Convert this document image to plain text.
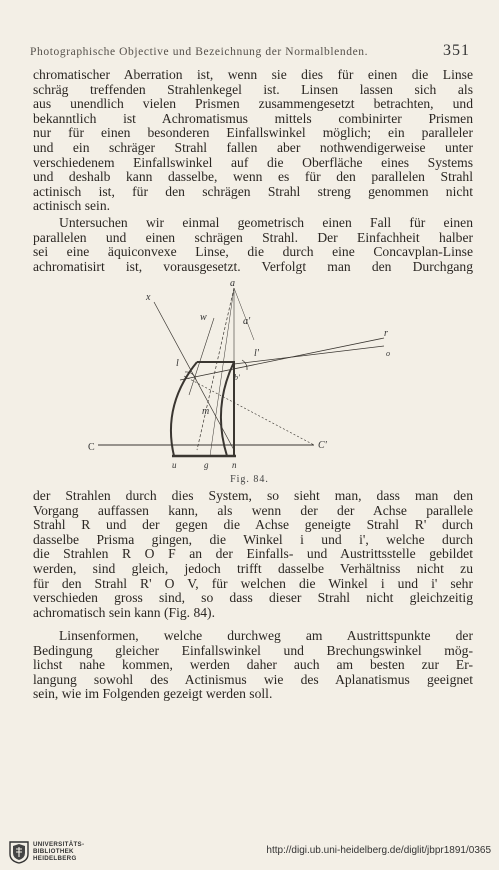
Photographische Objective und Bezeichnung der Normalblenden.	351
chromatischer Aberration ist, wenn sie dies für einen die Linse
schräg treffenden Strahlenkegel ist. Linsen lassen sich als
aus unendlich vielen Prismen zusammengesetzt betrachten, und
bekanntlich ist Achromatismus mittels combinirter Prismen
nur für einen besonderen Einfallswinkel möglich; ein paralleler
und ein schräger Strahl fallen aber nothwendigerweise unter
verschiedenem Einfallswinkel auf die Oberfläche eines Systems
und deshalb kann dasselbe, wenn es für den parallelen Strahl
actinisch ist, für den schrägen Strahl streng genommen nicht
actinisch sein.
Untersuchen wir einmal geometrisch einen Fall für einen
parallelen und einen schrägen Strahl. Der Einfachheit halber
sei eine äquiconvexe Linse, die durch eine Concavplan-Linse
achromatisirt ist, vorausgesetzt. Verfolgt man den Durchgang
x
a
w	a'
r
o
l
l'
b'
m
C	C'
u	g	n
Fig. 84.
der Strahlen durch dies System, so sieht man, dass man den
Vorgang auffassen kann, als wenn der der Achse parallele
Strahl R und der gegen die Achse geneigte Strahl R' durch
dasselbe Prisma gingen, die Winkel i und i', welche durch
die Strahlen R O F an der Einfalls- und Austrittsstelle gebildet
werden, sind gleich, jedoch trifft dasselbe Verhältniss nicht zu
für den Strahl R' O V, für welchen die Winkel i und i' sehr
verschieden gross sind, so dass dieser Strahl nicht gleichzeitig
achromatisch sein kann (Fig. 84).
Linsenformen, welche durchweg am Austrittspunkte der
Bedingung gleicher Einfallswinkel und Brechungswinkel mög-
lichst nahe kommen, werden daher auch am besten zur Er-
langung sowohl des Actinismus wie des Aplanatismus geeignet
sein, wie im Folgenden gezeigt werden soll.
UNIVERSITÄTS-
BIBLIOTHEK
HEIDELBERG
http://digi.ub.uni-heidelberg.de/diglit/jbpr1891/0365
